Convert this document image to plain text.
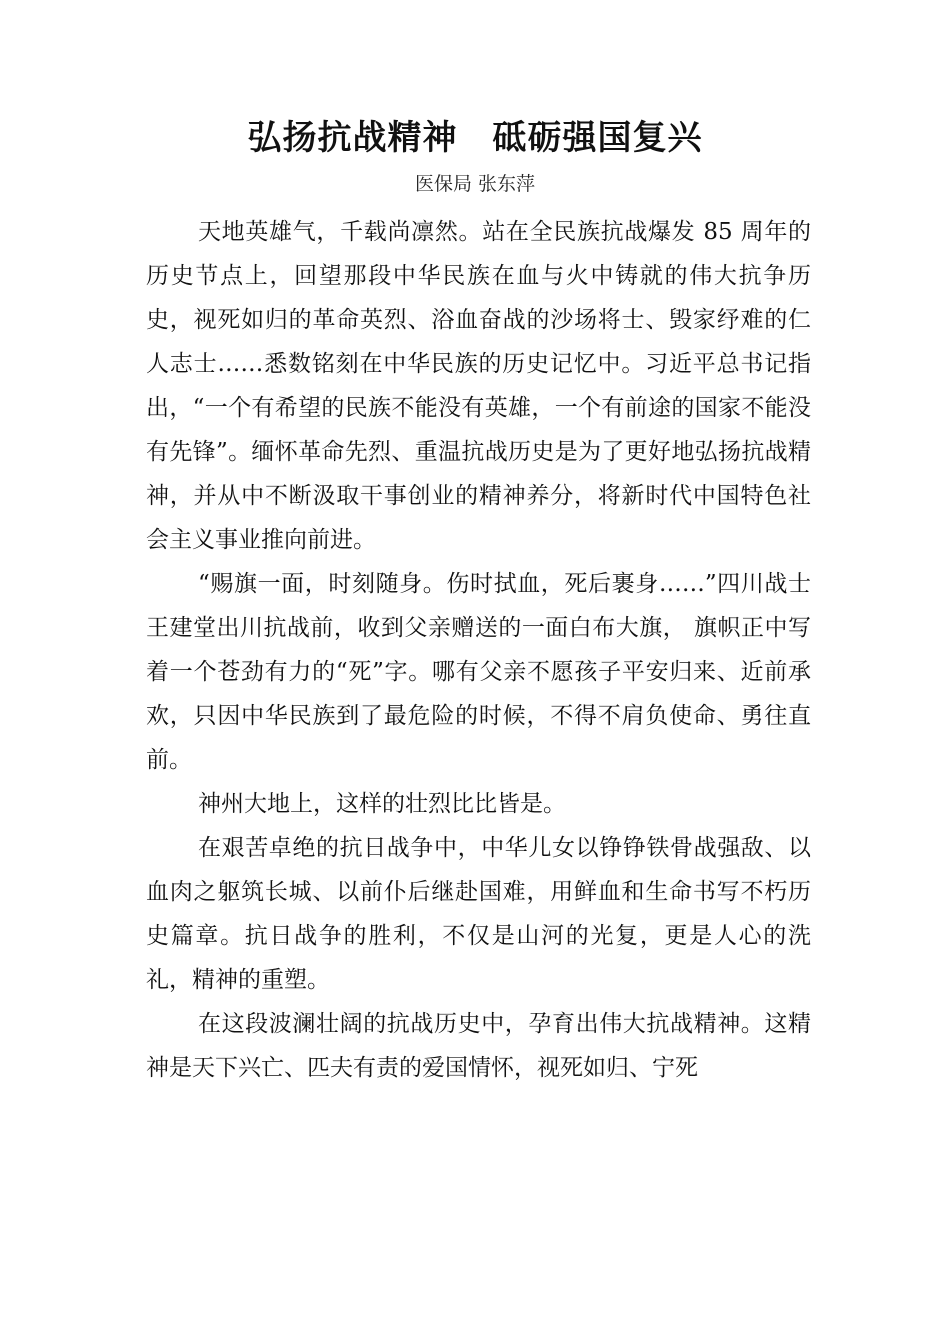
弘扬抗战精神　砥砺强国复兴
医保局 张东萍

天地英雄气，千载尚凛然。站在全民族抗战爆发 85 周年的历史节点上，回望那段中华民族在血与火中铸就的伟大抗争历史，视死如归的革命英烈、浴血奋战的沙场将士、毁家纾难的仁人志士……悉数铭刻在中华民族的历史记忆中。习近平总书记指出，“一个有希望的民族不能没有英雄，一个有前途的国家不能没有先锋”。缅怀革命先烈、重温抗战历史是为了更好地弘扬抗战精神，并从中不断汲取干事创业的精神养分，将新时代中国特色社会主义事业推向前进。

“赐旗一面，时刻随身。伤时拭血，死后裹身……”四川战士王建堂出川抗战前，收到父亲赠送的一面白布大旗， 旗帜正中写着一个苍劲有力的“死”字。哪有父亲不愿孩子平安归来、近前承欢，只因中华民族到了最危险的时候，不得不肩负使命、勇往直前。

神州大地上，这样的壮烈比比皆是。

在艰苦卓绝的抗日战争中，中华儿女以铮铮铁骨战强敌、以血肉之躯筑长城、以前仆后继赴国难，用鲜血和生命书写不朽历史篇章。抗日战争的胜利，不仅是山河的光复，更是人心的洗礼，精神的重塑。

在这段波澜壮阔的抗战历史中，孕育出伟大抗战精神。这精神是天下兴亡、匹夫有责的爱国情怀，视死如归、宁死
